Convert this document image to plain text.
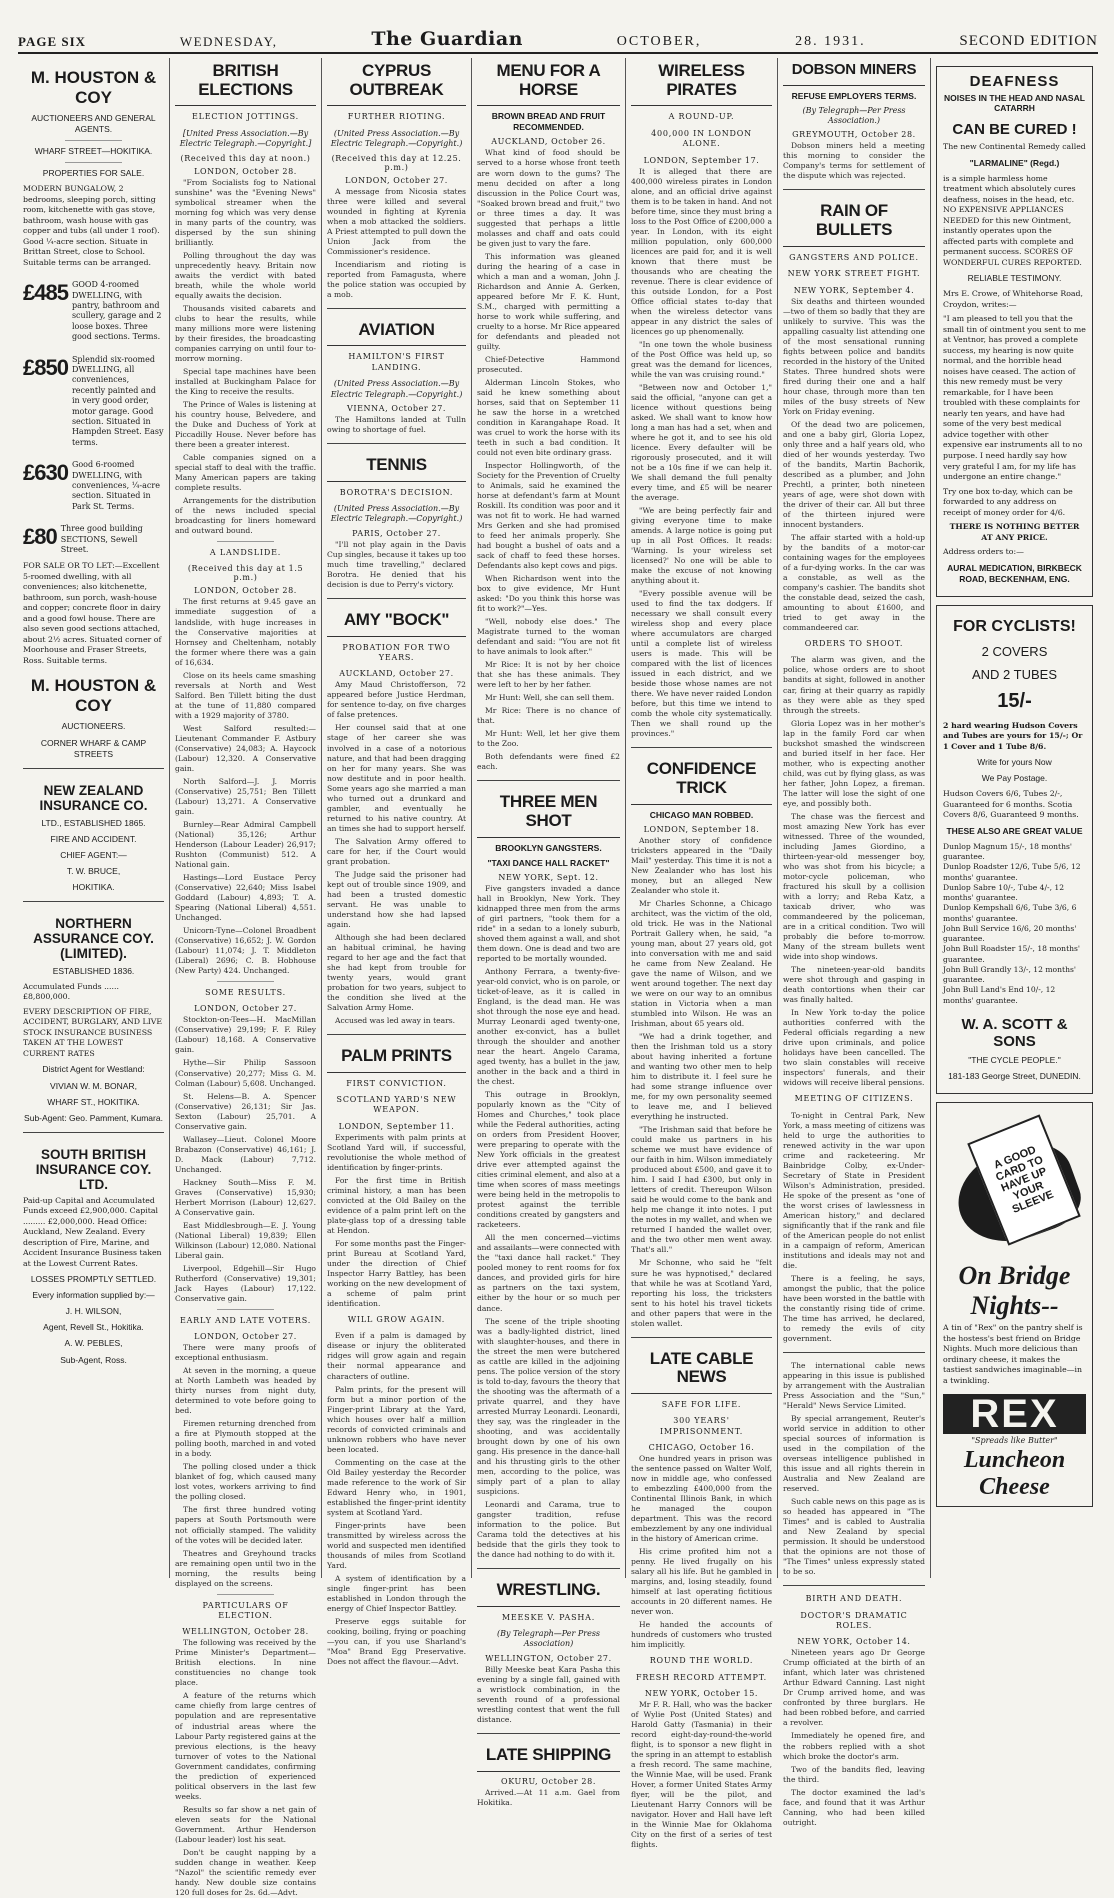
PAGE SIX	WEDNESDAY,	The Guardian	OCTOBER,	28. 1931.	SECOND EDITION
M. HOUSTON & COY
AUCTIONEERS AND GENERAL AGENTS.
WHARF STREET—HOKITIKA.
PROPERTIES FOR SALE.

MODERN BUNGALOW, 2 bedrooms, sleeping porch, sitting room, kitchenette with gas stove, bathroom, wash house with gas copper and tubs (all under 1 roof). Good ¼-acre section. Situate in Brittan Street, close to School. Suitable terms can be arranged.

£485 GOOD 4-roomed DWELLING, with pantry, bathroom and scullery, garage and 2 loose boxes. Three good sections. Terms.
£850 Splendid six-roomed DWELLING, all conveniences, recently painted and in very good order, motor garage. Good section. Situated in Hampden Street. Easy terms.
£630 Good 6-roomed DWELLING, with conveniences, ¼-acre section. Situated in Park St. Terms.
£80 Three good building SECTIONS, Sewell Street.

FOR SALE OR TO LET:—Excellent 5-roomed dwelling, with all conveniences; also kitchenette, bathroom, sun porch, wash-house and copper; concrete floor in dairy and a good fowl house. There are also seven good sections attached, about 2½ acres. Situated corner of Moorhouse and Fraser Streets, Ross. Suitable terms.

M. HOUSTON & COY
AUCTIONEERS.
CORNER WHARF & CAMP STREETS
NEW ZEALAND INSURANCE CO.
LTD., ESTABLISHED 1865.
FIRE AND ACCIDENT.
CHIEF AGENT:—
T. W. BRUCE,
HOKITIKA.
NORTHERN ASSURANCE COY. (LIMITED).
ESTABLISHED 1836.

Accumulated Funds ...... £8,800,000.

EVERY DESCRIPTION OF FIRE, ACCIDENT, BURGLARY, AND LIVE STOCK INSURANCE BUSINESS TAKEN AT THE LOWEST CURRENT RATES

District Agent for Westland:
VIVIAN W. M. BONAR,
WHARF ST., HOKITIKA.
Sub-Agent: Geo. Pamment, Kumara.
SOUTH BRITISH INSURANCE COY. LTD.

Paid-up Capital and Accumulated Funds exceed £2,900,000. Capital ......... £2,000,000. Head Office: Auckland, New Zealand. Every description of Fire, Marine, and Accident Insurance Business taken at the Lowest Current Rates.

LOSSES PROMPTLY SETTLED.
Every information supplied by:—
J. H. WILSON,
Agent, Revell St., Hokitika.
A. W. PEBLES,
Sub-Agent, Ross.
BRITISH ELECTIONS
ELECTION JOTTINGS.
[United Press Association.—By Electric Telegraph.—Copyright.]
(Received this day at noon.)
LONDON, October 28.

"From Socialists fog to National sunshine" was the "Evening News" symbolical streamer when the morning fog which was very dense in many parts of the country, was dispersed by the sun shining brilliantly.

Polling throughout the day was unprecedently heavy. Britain now awaits the verdict with bated breath, while the whole world equally awaits the decision.

Thousands visited cabarets and clubs to hear the results, while many millions more were listening by their firesides, the broadcasting companies carrying on until four to-morrow morning.

Special tape machines have been installed at Buckingham Palace for the King to receive the results.

The Prince of Wales is listening at his country house, Belvedere, and the Duke and Duchess of York at Piccadilly House. Never before has there been a greater interest.

Cable companies signed on a special staff to deal with the traffic. Many American papers are taking complete results.

Arrangements for the distribution of the news included special broadcasting for liners homeward and outward bound.

A LANDSLIDE.
(Received this day at 1.5 p.m.)
LONDON, October 28.

The first returns at 9.45 gave an immediate suggestion of a landslide, with huge increases in the Conservative majorities at Hornsey and Cheltenham, notably the former where there was a gain of 16,634.

Close on its heels came smashing reversals at North and West Salford. Ben Tillett biting the dust at the tune of 11,880 compared with a 1929 majority of 3780.

West Salford resulted:—Lieutenant Commander F. Astbury (Conservative) 24,083; A. Haycock (Labour) 12,320. A Conservative gain.

North Salford—J. J. Morris (Conservative) 25,751; Ben Tillett (Labour) 13,271. A Conservative gain.

Burnley—Rear Admiral Campbell (National) 35,126; Arthur Henderson (Labour Leader) 26,917; Rushton (Communist) 512. A National gain.

Hastings—Lord Eustace Percy (Conservative) 22,640; Miss Isabel Goddard (Labour) 4,893; T. A. Spearing (National Liberal) 4,551. Unchanged.

Unicorn-Tyne—Colonel Broadbent (Conservative) 16,652; J. W. Gordon (Labour) 11,074; J. T. Middleton (Liberal) 2696; C. B. Hobhouse (New Party) 424. Unchanged.

SOME RESULTS.
LONDON, October 27.

Stockton-on-Tees—H. MacMillan (Conservative) 29,199; F. F. Riley (Labour) 18,168. A Conservative gain.

Hythe—Sir Philip Sassoon (Conservative) 20,277; Miss G. M. Colman (Labour) 5,608. Unchanged.

St. Helens—B. A. Spencer (Conservative) 26,131; Sir Jas. Sexton (Labour) 25,701. A Conservative gain.

Wallasey—Lieut. Colonel Moore Brabazon (Conservative) 46,161; J. D. Mack (Labour) 7,712. Unchanged.

Hackney South—Miss F. M. Graves (Conservative) 15,930; Herbert Morrison (Labour) 12,627. A Conservative gain.

East Middlesbrough—E. J. Young (National Liberal) 19,839; Ellen Wilkinson (Labour) 12,080. National Liberal gain.

Liverpool, Edgehill—Sir Hugo Rutherford (Conservative) 19,301; Jack Hayes (Labour) 17,122. Conservative gain.

EARLY AND LATE VOTERS.
LONDON, October 27.

There were many proofs of exceptional enthusiasm.

At seven in the morning, a queue at North Lambeth was headed by thirty nurses from night duty, determined to vote before going to bed.

Firemen returning drenched from a fire at Plymouth stopped at the polling booth, marched in and voted in a body.

The polling closed under a thick blanket of fog, which caused many lost votes, workers arriving to find the polling closed.

The first three hundred voting papers at South Portsmouth were not officially stamped. The validity of the votes will be decided later.

Theatres and Greyhound tracks are remaining open until two in the morning, the results being displayed on the screens.

PARTICULARS OF ELECTION.
WELLINGTON, October 28.

The following was received by the Prime Minister's Department—British elections. In nine constituencies no change took place.

A feature of the returns which came chiefly from large centres of population and are representative of industrial areas where the Labour Party registered gains at the previous elections, is the heavy turnover of votes to the National Government candidates, confirming the prediction of experienced political observers in the last few weeks.

Results so far show a net gain of eleven seats for the National Government. Arthur Henderson (Labour leader) lost his seat.

Don't be caught napping by a sudden change in weather. Keep "Nazol" the scientific remedy ever handy. New double size contains 120 full doses for 2s. 6d.—Advt.

CYPRUS OUTBREAK
FURTHER RIOTING.
(United Press Association.—By Electric Telegraph.—Copyright.)
(Received this day at 12.25. p.m.)
LONDON, October 27.

A message from Nicosia states three were killed and several wounded in fighting at Kyrenia when a mob attacked the soldiers. A Priest attempted to pull down the Union Jack from the Commissioner's residence.

Incendiarism and rioting is reported from Famagusta, where the police station was occupied by a mob.

AVIATION
HAMILTON'S FIRST LANDING.
(United Press Association.—By Electric Telegraph.—Copyright.)
VIENNA, October 27.

The Hamiltons landed at Tulln owing to shortage of fuel.

TENNIS
BOROTRA'S DECISION.
(United Press Association.—By Electric Telegraph.—Copyright.)
PARIS, October 27.

"I'll not play again in the Davis Cup singles, because it takes up too much time travelling," declared Borotra. He denied that his decision is due to Perry's victory.

AMY "BOCK"
PROBATION FOR TWO YEARS.
AUCKLAND, October 27.

Amy Maud Christofferson, 72 appeared before Justice Herdman, for sentence to-day, on five charges of false pretences.

Her counsel said that at one stage of her career she was involved in a case of a notorious nature, and that had been dragging on her for many years. She was now destitute and in poor health. Some years ago she married a man who turned out a drunkard and gambler, and eventually he returned to his native country. At an times she had to support herself.

The Salvation Army offered to care for her, if the Court would grant probation.

The Judge said the prisoner had kept out of trouble since 1909, and had been a trusted domestic servant. He was unable to understand how she had lapsed again.

Although she had been declared an habitual criminal, he having regard to her age and the fact that she had kept from trouble for twenty years, would grant probation for two years, subject to the condition she lived at the Salvation Army Home.

Accused was led away in tears.

PALM PRINTS
FIRST CONVICTION.
SCOTLAND YARD'S NEW WEAPON.
LONDON, September 11.

Experiments with palm prints at Scotland Yard will, if successful, revolutionise the whole method of identification by finger-prints.

For the first time in British criminal history, a man has been convicted at the Old Bailey on the evidence of a palm print left on the plate-glass top of a dressing table at Hendon.

For some months past the Finger-print Bureau at Scotland Yard, under the direction of Chief Inspector Harry Battley, has been working on the new development of a scheme of palm print identification.

WILL GROW AGAIN.

Even if a palm is damaged by disease or injury the obliterated ridges will grow again and regain their normal appearance and characters of outline.

Palm prints, for the present will form but a minor portion of the Finger-print Library at the Yard, which houses over half a million records of convicted criminals and unknown robbers who have never been located.

Commenting on the case at the Old Bailey yesterday the Recorder made reference to the work of Sir Edward Henry who, in 1901, established the finger-print identity system at Scotland Yard.

Finger-prints have been transmitted by wireless across the world and suspected men identified thousands of miles from Scotland Yard.

A system of identification by a single finger-print has been established in London through the energy of Chief Inspector Battley.

Preserve eggs suitable for cooking, boiling, frying or poaching—you can, if you use Sharland's "Moa" Brand Egg Preservative. Does not affect the flavour.—Advt.

MENU FOR A HORSE
BROWN BREAD AND FRUIT RECOMMENDED.
AUCKLAND, October 26.

What kind of food should be served to a horse whose front teeth are worn down to the gums? The menu decided on after a long discussion in the Police Court was, "Soaked brown bread and fruit," two or three times a day. It was suggested that perhaps a little molasses and chaff and oats could be given just to vary the fare.

This information was gleaned during the hearing of a case in which a man and a woman, John J. Richardson and Annie A. Gerken, appeared before Mr F. K. Hunt, S.M., charged with permitting a horse to work while suffering, and cruelty to a horse. Mr Rice appeared for defendants and pleaded not guilty.

Chief-Detective Hammond prosecuted.

Alderman Lincoln Stokes, who said he knew something about horses, said that on September 11 he saw the horse in a wretched condition in Karangahape Road. It was cruel to work the horse with its teeth in such a bad condition. It could not even bite ordinary grass.

Inspector Hollingworth, of the Society for the Prevention of Cruelty to Animals, said he examined the horse at defendant's farm at Mount Roskill. Its condition was poor and it was not fit to work. He had warned Mrs Gerken and she had promised to feed her animals properly. She had bought a bushel of oats and a sack of chaff to feed these horses. Defendants also kept cows and pigs.

When Richardson went into the box to give evidence, Mr Hunt asked: "Do you think this horse was fit to work?"—Yes.

"Well, nobody else does." The Magistrate turned to the woman defendant and said: "You are not fit to have animals to look after."

Mr Rice: It is not by her choice that she has these animals. They were left to her by her father.

Mr Hunt: Well, she can sell them.

Mr Rice: There is no chance of that.

Mr Hunt: Well, let her give them to the Zoo.

Both defendants were fined £2 each.

THREE MEN SHOT
BROOKLYN GANGSTERS.
"TAXI DANCE HALL RACKET"
NEW YORK, Sept. 12.

Five gangsters invaded a dance hall in Brooklyn, New York. They kidnapped three men from the arms of girl partners, "took them for a ride" in a sedan to a lonely suburb, shoved them against a wall, and shot them down. One is dead and two are reported to be mortally wounded.

Anthony Ferrara, a twenty-five-year-old convict, who is on parole, or ticket-of-leave, as it is called in England, is the dead man. He was shot through the nose eye and head. Murray Leonardi aged twenty-one, another ex-convict, has a bullet through the shoulder and another near the heart. Angelo Carama, aged twenty, has a bullet in the jaw, another in the back and a third in the chest.

This outrage in Brooklyn, popularly known as the "City of Homes and Churches," took place while the Federal authorities, acting on orders from President Hoover, were preparing to operate with the New York officials in the greatest drive ever attempted against the cities criminal element, and also at a time when scores of mass meetings were being held in the metropolis to protest against the terrible conditions created by gangsters and racketeers.

All the men concerned—victims and assailants—were connected with the "taxi dance hall racket." They pooled money to rent rooms for fox dances, and provided girls for hire as partners on the taxi system, either by the hour or so much per dance.

The scene of the triple shooting was a badly-lighted district, lined with slaughter-houses, and there in the street the men were butchered as cattle are killed in the adjoining pens. The police version of the story is told to-day, favours the theory that the shooting was the aftermath of a private quarrel, and they have arrested Murray Leonardi. Leonardi, they say, was the ringleader in the shooting, and was accidentally brought down by one of his own gang. His presence in the dance-hall and his thrusting girls to the other men, according to the police, was simply part of a plan to allay suspicions.

Leonardi and Carama, true to gangster tradition, refuse information to the police. But Carama told the detectives at his bedside that the girls they took to the dance had nothing to do with it.

WRESTLING.
MEESKE V. PASHA.
(By Telegraph—Per Press Association)
WELLINGTON, October 27.

Billy Meeske beat Kara Pasha this evening by a single fall, gained with a wristlock combination, in the seventh round of a professional wrestling contest that went the full distance.

LATE SHIPPING
OKURU, October 28.

Arrived.—At 11 a.m. Gael from Hokitika.

WIRELESS PIRATES
A ROUND-UP.
400,000 IN LONDON ALONE.
LONDON, September 17.

It is alleged that there are 400,000 wireless pirates in London alone, and an official drive against them is to be taken in hand. And not before time, since they must bring a loss to the Post Office of £200,000 a year. In London, with its eight million population, only 600,000 licences are paid for, and it is well known that there must be thousands who are cheating the revenue. There is clear evidence of this outside London, for a Post Office official states to-day that when the wireless detector vans appear in any district the sales of licences go up phenomenally.

"In one town the whole business of the Post Office was held up, so great was the demand for licences, while the van was cruising round."

"Between now and October 1," said the official, "anyone can get a licence without questions being asked. We shall want to know how long a man has had a set, when and where he got it, and to see his old licence. Every defaulter will be rigorously prosecuted, and it will not be a 10s fine if we can help it. We shall demand the full penalty every time, and £5 will be nearer the average.

"We are being perfectly fair and giving everyone time to make amends. A large notice is going put up in all Post Offices. It reads: 'Warning. Is your wireless set licensed?' No one will be able to make the excuse of not knowing anything about it.

"Every possible avenue will be used to find the tax dodgers. If necessary we shall consult every wireless shop and every place where accumulators are charged until a complete list of wireless users is made. This will be compared with the list of licences issued in each district, and we beside those whose names are not there. We have never raided London before, but this time we intend to comb the whole city systematically. Then we shall round up the provinces."

CONFIDENCE TRICK
CHICAGO MAN ROBBED.
LONDON, September 18.

Another story of confidence tricksters appeared in the "Daily Mail" yesterday. This time it is not a New Zealander who has lost his money, but an alleged New Zealander who stole it.

Mr Charles Schonne, a Chicago architect, was the victim of the old, old trick. He was in the National Portrait Gallery when, he said, "a young man, about 27 years old, got into conversation with me and said he came from New Zealand. He gave the name of Wilson, and we went around together. The next day we were on our way to an omnibus station in Victoria when a man stumbled into Wilson. He was an Irishman, about 65 years old.

"We had a drink together, and then the Irishman told us a story about having inherited a fortune and wanting two other men to help him to distribute it. I feel sure he had some strange influence over me, for my own personality seemed to leave me, and I believed everything he instructed.

"The Irishman said that before he could make us partners in his scheme we must have evidence of our faith in him. Wilson immediately produced about £500, and gave it to him. I said I had £300, but only in letters of credit. Thereupon Wilson said he would come to the bank and help me change it into notes. I put the notes in my wallet, and when we returned I handed the wallet over, and the two other men went away. That's all."

Mr Schonne, who said he "felt sure he was hypnotised," declared that while he was at Scotland Yard, reporting his loss, the tricksters sent to his hotel his travel tickets and other papers that were in the stolen wallet.

LATE CABLE NEWS
SAFE FOR LIFE.
300 YEARS' IMPRISONMENT.
CHICAGO, October 16.

One hundred years in prison was the sentence passed on Walter Wolf, now in middle age, who confessed to embezzling £400,000 from the Continental Illinois Bank, in which he managed the coupon department. This was the record embezzlement by any one individual in the history of American crime.

His crime profited him not a penny. He lived frugally on his salary all his life. But he gambled in margins, and, losing steadily, found himself at last operating fictitious accounts in 20 different names. He never won.

He handed the accounts of hundreds of customers who trusted him implicitly.

ROUND THE WORLD.
FRESH RECORD ATTEMPT.
NEW YORK, October 15.

Mr F. R. Hall, who was the backer of Wylie Post (United States) and Harold Gatty (Tasmania) in their record eight-day-round-the-world flight, is to sponsor a new flight in the spring in an attempt to establish a fresh record. The same machine, the Winnie Mae, will be used. Frank Hover, a former United States Army flyer, will be the pilot, and Lieutenant Harry Connors will be navigator. Hover and Hall have left in the Winnie Mae for Oklahoma City on the first of a series of test flights.

DOBSON MINERS
REFUSE EMPLOYERS TERMS.
(By Telegraph—Per Press Association.)
GREYMOUTH, October 28.

Dobson miners held a meeting this morning to consider the Company's terms for settlement of the dispute which was rejected.

RAIN OF BULLETS
GANGSTERS AND POLICE.
NEW YORK STREET FIGHT.
NEW YORK, September 4.

Six deaths and thirteen wounded—two of them so badly that they are unlikely to survive. This was the appalling casualty list attending one of the most sensational running fights between police and bandits recorded in the history of the United States. Three hundred shots were fired during their one and a half hour chase, through more than ten miles of the busy streets of New York on Friday evening.

Of the dead two are policemen, and one a baby girl, Gloria Lopez, only three and a half years old, who died of her wounds yesterday. Two of the bandits, Martin Bachorik, described as a plumber, and John Prechtl, a printer, both nineteen years of age, were shot down with the driver of their car. All but three of the thirteen injured were innocent bystanders.

The affair started with a hold-up by the bandits of a motor-car containing wages for the employees of a fur-dying works. In the car was a constable, as well as the company's cashier. The bandits shot the constable dead, seized the cash, amounting to about £1600, and tried to get away in the commandeered car.

ORDERS TO SHOOT.

The alarm was given, and the police, whose orders are to shoot bandits at sight, followed in another car, firing at their quarry as rapidly as they were able as they sped through the streets.

Gloria Lopez was in her mother's lap in the family Ford car when buckshot smashed the windscreen and buried itself in her face. Her mother, who is expecting another child, was cut by flying glass, as was her father, John Lopez, a fireman. The latter will lose the sight of one eye, and possibly both.

The chase was the fiercest and most amazing New York has ever witnessed. Three of the wounded, including James Giordino, a thirteen-year-old messenger boy, who was shot from his bicycle; a motor-cycle policeman, who fractured his skull by a collision with a lorry; and Reba Katz, a taxicab driver, who was commandeered by the policeman, are in a critical condition. Two will probably die before to-morrow. Many of the stream bullets went wide into shop windows.

The nineteen-year-old bandits were shot through and gasping in death contortions when their car was finally halted.

In New York to-day the police authorities conferred with the Federal officials regarding a new drive upon criminals, and police holidays have been cancelled. The two slain constables will receive inspectors' funerals, and their widows will receive liberal pensions.

MEETING OF CITIZENS.

To-night in Central Park, New York, a mass meeting of citizens was held to urge the authorities to renewed activity in the war upon crime and racketeering. Mr Bainbridge Colby, ex-Under-Secretary of State in President Wilson's Administration, presided. He spoke of the present as "one of the worst crises of lawlessness in American history," and declared significantly that if the rank and file of the American people do not enlist in a campaign of reform, American institutions and ideals may not and die.

There is a feeling, he says, amongst the public, that the police have been worsted in the battle with the constantly rising tide of crime. The time has arrived, he declared, to remedy the evils of city government.

The international cable news appearing in this issue is published by arrangement with the Australian Press Association and the "Sun," "Herald" News Service Limited.

By special arrangement, Reuter's world service in addition to other special sources of information is used in the compilation of the overseas intelligence published in this issue and all rights therein in Australia and New Zealand are reserved.

Such cable news on this page as is so headed has appeared in "The Times" and is cabled to Australia and New Zealand by special permission. It should be understood that the opinions are not those of "The Times" unless expressly stated to be so.

BIRTH AND DEATH.
DOCTOR'S DRAMATIC ROLES.
NEW YORK, October 14.

Nineteen years ago Dr George Crump officiated at the birth of an infant, which later was christened Arthur Edward Canning. Last night Dr Crump arrived home, and was confronted by three burglars. He had been robbed before, and carried a revolver.

Immediately he opened fire, and the robbers replied with a shot which broke the doctor's arm.

Two of the bandits fled, leaving the third.

The doctor examined the lad's face, and found that it was Arthur Canning, who had been killed outright.

DEAFNESS
NOISES IN THE HEAD AND NASAL CATARRH
CAN BE CURED !

The new Continental Remedy called

"LARMALINE" (Regd.)

is a simple harmless home treatment which absolutely cures deafness, noises in the head, etc. NO EXPENSIVE APPLIANCES NEEDED for this new Ointment, instantly operates upon the affected parts with complete and permanent success. SCORES OF WONDERFUL CURES REPORTED.

RELIABLE TESTIMONY.

Mrs E. Crowe, of Whitehorse Road, Croydon, writes:—

"I am pleased to tell you that the small tin of ointment you sent to me at Ventnor, has proved a complete success, my hearing is now quite normal, and the horrible head noises have ceased. The action of this new remedy must be very remarkable, for I have been troubled with these complaints for nearly ten years, and have had some of the very best medical advice together with other expensive ear instruments all to no purpose. I need hardly say how very grateful I am, for my life has undergone an entire change."

Try one box to-day, which can be forwarded to any address on receipt of money order for 4/6.

THERE IS NOTHING BETTER AT ANY PRICE.

Address orders to:—

AURAL MEDICATION, BIRKBECK ROAD, BECKENHAM, ENG.
FOR CYCLISTS!
2 COVERS
AND 2 TUBES
15/-

2 hard wearing Hudson Covers and Tubes are yours for 15/-; Or 1 Cover and 1 Tube 8/6.

Write for yours Now
We Pay Postage.

Hudson Covers 6/6, Tubes 2/-, Guaranteed for 6 months. Scotia Covers 8/6, Guaranteed 9 months.

THESE ALSO ARE GREAT VALUE
Dunlop Magnum 15/-, 18 months' guarantee.
Dunlop Roadster 12/6, Tube 5/6, 12 months' guarantee.
Dunlop Sabre 10/-, Tube 4/-, 12 months' guarantee.
Dunlop Kempshall 6/6, Tube 3/6, 6 months' guarantee.
John Bull Service 16/6, 20 months' guarantee.
John Bull Roadster 15/-, 18 months' guarantee.
John Bull Grandly 13/-, 12 months' guarantee.
John Bull Land's End 10/-, 12 months' guarantee.
W. A. SCOTT & SONS
"THE CYCLE PEOPLE."
181-183 George Street, DUNEDIN.
A GOOD CARD TO HAVE UP YOUR SLEEVE
On Bridge
Nights--

A tin of "Rex" on the pantry shelf is the hostess's best friend on Bridge Nights. Much more delicious than ordinary cheese, it makes the tastiest sandwiches imaginable—in a twinkling.

REX
"Spreads like Butter"
Luncheon
Cheese
